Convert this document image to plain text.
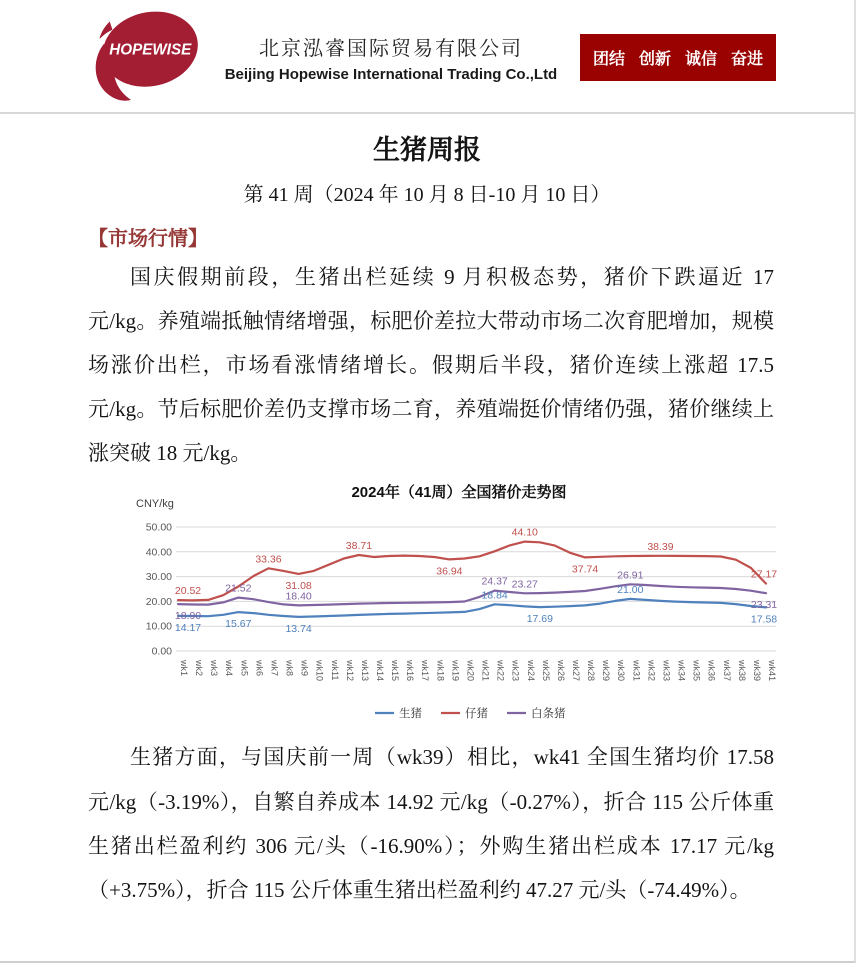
HOPEWISE	北京泓睿国际贸易有限公司
Beijing Hopewise International Trading Co.,Ltd
团结 创新 诚信 奋进
生猪周报
第 41 周（2024 年 10 月 8 日-10 月 10 日）
【市场行情】

国庆假期前段，生猪出栏延续 9 月积极态势，猪价下跌逼近 17 元/kg。养殖端抵触情绪增强，标肥价差拉大带动市场二次育肥增加，规模场涨价出栏，市场看涨情绪增长。假期后半段，猪价连续上涨超 17.5 元/kg。节后标肥价差仍支撑市场二育，养殖端挺价情绪仍强，猪价继续上涨突破 18 元/kg。

2024年（41周）全国猪价走势图
CNY/kg
50.00
40.00
30.00
20.00
10.00
0.00
wk1 wk2 wk3 wk4 wk5 wk6 wk7 wk8 wk9 wk10 wk11 wk12 wk13 wk14 wk15 wk16 wk17 wk18 wk19 wk20 wk21 wk22 wk23 wk24 wk25 wk26 wk27 wk28 wk29 wk30 wk31 wk32 wk33 wk34 wk35 wk36 wk37 wk38 wk39 wk41
14.17 15.67	13.74
18.84
17.69
21.00
17.58
20.52
33.36
31.08
38.71
36.94
44.10
37.74
38.39
27.17
18.90
21.52
18.40
24.37 23.27
26.91
23.31
生猪	仔猪	白条猪

生猪方面，与国庆前一周（wk39）相比，wk41 全国生猪均价 17.58 元/kg（-3.19%），自繁自养成本 14.92 元/kg（-0.27%），折合 115 公斤体重生猪出栏盈利约 306 元/头（-16.90%）；外购生猪出栏成本 17.17 元/kg（+3.75%），折合 115 公斤体重生猪出栏盈利约 47.27 元/头（-74.49%）。
